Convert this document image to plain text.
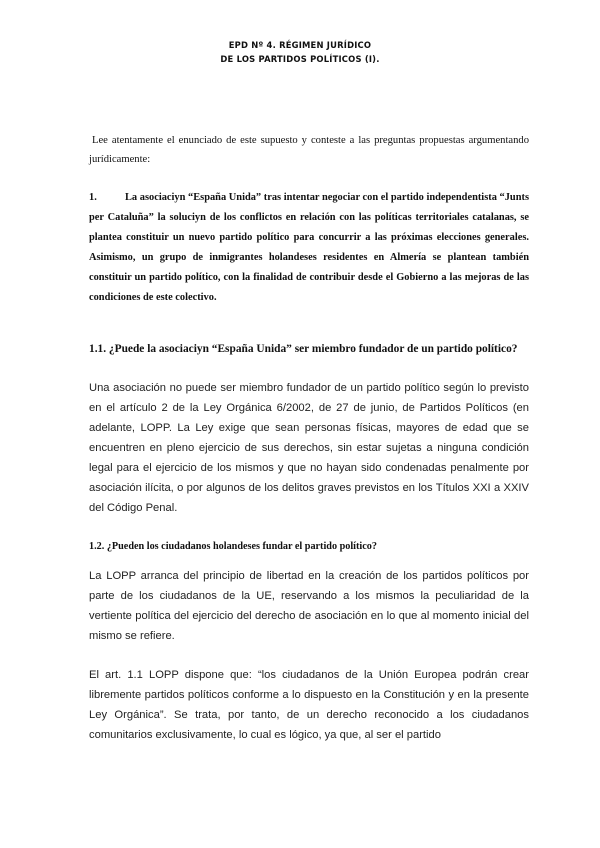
EPD Nº 4. RÉGIMEN JURÍDICO
DE LOS PARTIDOS POLÍTICOS (I).

Lee atentamente el enunciado de este supuesto y conteste a las preguntas propuestas argumentando jurídicamente:

1.	La asociaciyn “España Unida” tras intentar negociar con el partido independentista “Junts per Cataluña” la soluciyn de los conflictos en relación con las políticas territoriales catalanas, se plantea constituir un nuevo partido político para concurrir a las próximas elecciones generales. Asimismo, un grupo de inmigrantes holandeses residentes en Almería se plantean también constituir un partido político, con la finalidad de contribuir desde el Gobierno a las mejoras de las condiciones de este colectivo.

1.1. ¿Puede la asociaciyn “España Unida” ser miembro fundador de un partido político?

Una asociación no puede ser miembro fundador de un partido político según lo previsto en el artículo 2 de la Ley Orgánica 6/2002, de 27 de junio, de Partidos Políticos (en adelante, LOPP. La Ley exige que sean personas físicas, mayores de edad que se encuentren en pleno ejercicio de sus derechos, sin estar sujetas a ninguna condición legal para el ejercicio de los mismos y que no hayan sido condenadas penalmente por asociación ilícita, o por algunos de los delitos graves previstos en los Títulos XXI a XXIV del Código Penal.

1.2. ¿Pueden los ciudadanos holandeses fundar el partido político?

La LOPP arranca del principio de libertad en la creación de los partidos políticos por parte de los ciudadanos de la UE, reservando a los mismos la peculiaridad de la vertiente política del ejercicio del derecho de asociación en lo que al momento inicial del mismo se refiere.

El art. 1.1 LOPP dispone que: “los ciudadanos de la Unión Europea podrán crear libremente partidos políticos conforme a lo dispuesto en la Constitución y en la presente Ley Orgánica”. Se trata, por tanto, de un derecho reconocido a los ciudadanos comunitarios exclusivamente, lo cual es lógico, ya que, al ser el partido
